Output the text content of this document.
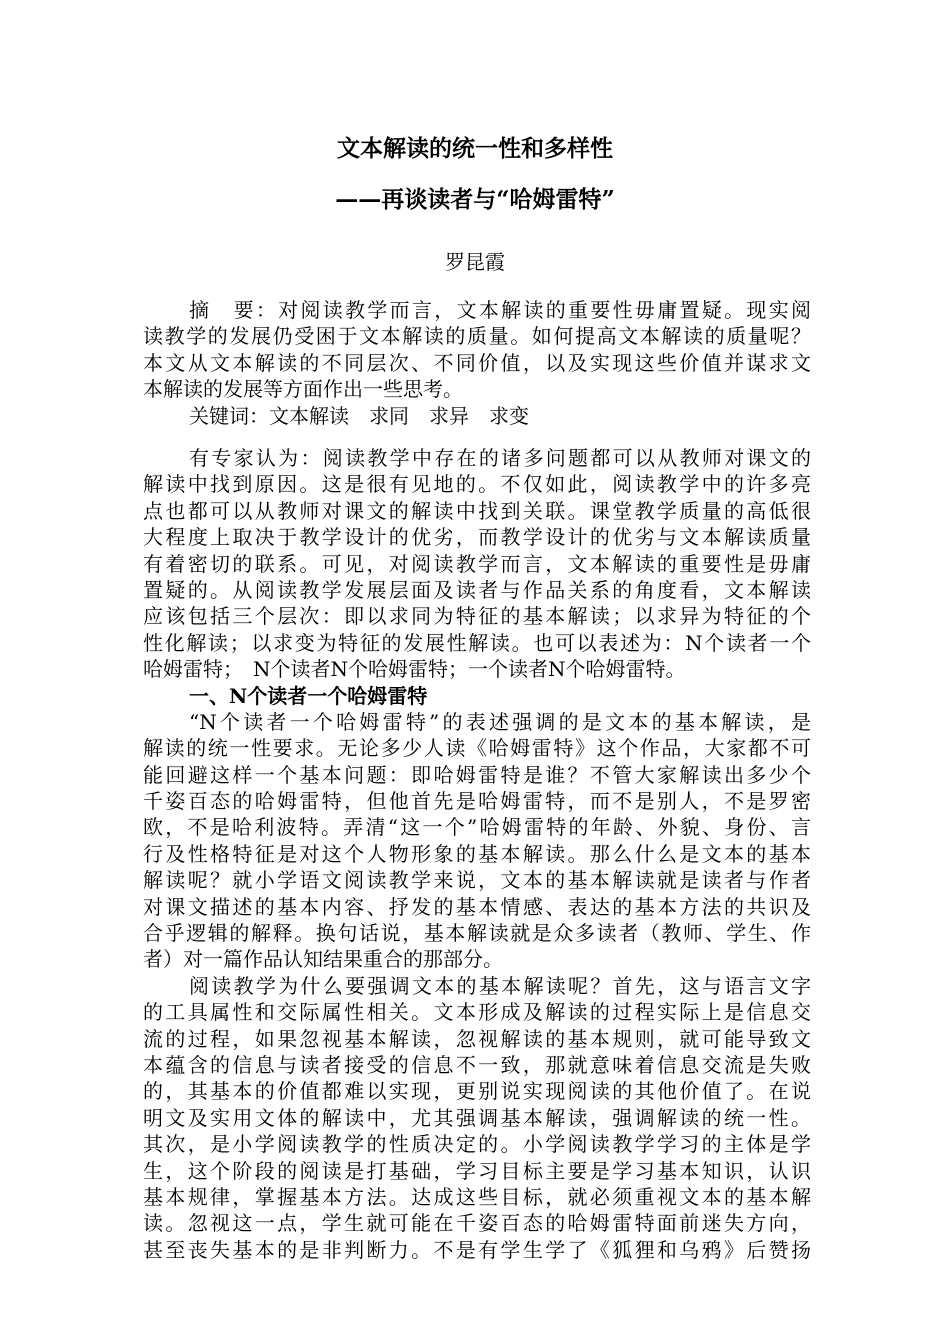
文本解读的统一性和多样性
——再谈读者与“哈姆雷特”
罗昆霞
摘　要：对阅读教学而言，文本解读的重要性毋庸置疑。现实阅
读教学的发展仍受困于文本解读的质量。如何提高文本解读的质量呢？
本文从文本解读的不同层次、不同价值，以及实现这些价值并谋求文
本解读的发展等方面作出一些思考。
关键词：文本解读　求同　求异　求变
有专家认为：阅读教学中存在的诸多问题都可以从教师对课文的
解读中找到原因。这是很有见地的。不仅如此，阅读教学中的许多亮
点也都可以从教师对课文的解读中找到关联。课堂教学质量的高低很
大程度上取决于教学设计的优劣，而教学设计的优劣与文本解读质量
有着密切的联系。可见，对阅读教学而言，文本解读的重要性是毋庸
置疑的。从阅读教学发展层面及读者与作品关系的角度看，文本解读
应该包括三个层次：即以求同为特征的基本解读；以求异为特征的个
性化解读；以求变为特征的发展性解读。也可以表述为：N个读者一个
哈姆雷特；　N个读者N个哈姆雷特；一个读者N个哈姆雷特。
一、N个读者一个哈姆雷特
“N个读者一个哈姆雷特”的表述强调的是文本的基本解读，是
解读的统一性要求。无论多少人读《哈姆雷特》这个作品，大家都不可
能回避这样一个基本问题：即哈姆雷特是谁？不管大家解读出多少个
千姿百态的哈姆雷特，但他首先是哈姆雷特，而不是别人，不是罗密
欧，不是哈利波特。弄清“这一个”哈姆雷特的年龄、外貌、身份、言
行及性格特征是对这个人物形象的基本解读。那么什么是文本的基本
解读呢？就小学语文阅读教学来说，文本的基本解读就是读者与作者
对课文描述的基本内容、抒发的基本情感、表达的基本方法的共识及
合乎逻辑的解释。换句话说，基本解读就是众多读者（教师、学生、作
者）对一篇作品认知结果重合的那部分。
阅读教学为什么要强调文本的基本解读呢？首先，这与语言文字
的工具属性和交际属性相关。文本形成及解读的过程实际上是信息交
流的过程，如果忽视基本解读，忽视解读的基本规则，就可能导致文
本蕴含的信息与读者接受的信息不一致，那就意味着信息交流是失败
的，其基本的价值都难以实现，更别说实现阅读的其他价值了。在说
明文及实用文体的解读中，尤其强调基本解读，强调解读的统一性。
其次，是小学阅读教学的性质决定的。小学阅读教学学习的主体是学
生，这个阶段的阅读是打基础，学习目标主要是学习基本知识，认识
基本规律，掌握基本方法。达成这些目标，就必须重视文本的基本解
读。忽视这一点，学生就可能在千姿百态的哈姆雷特面前迷失方向，
甚至丧失基本的是非判断力。不是有学生学了《狐狸和乌鸦》后赞扬
